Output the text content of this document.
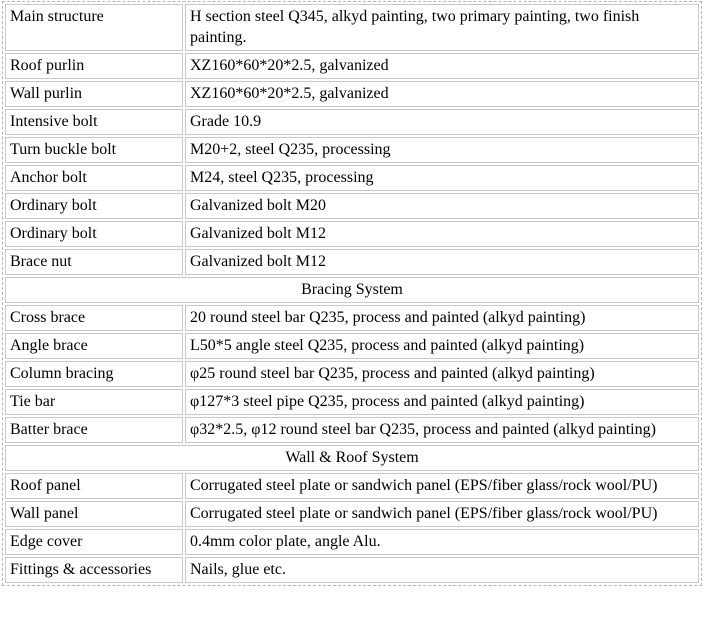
Main structure	H section steel Q345, alkyd painting, two primary painting, two finish painting.
Roof purlin	XZ160*60*20*2.5, galvanized
Wall purlin	XZ160*60*20*2.5, galvanized
Intensive bolt	Grade 10.9
Turn buckle bolt	M20+2, steel Q235, processing
Anchor bolt	M24, steel Q235, processing
Ordinary bolt	Galvanized bolt M20
Ordinary bolt	Galvanized bolt M12
Brace nut	Galvanized bolt M12
Bracing System	
Cross brace	20 round steel bar Q235, process and painted (alkyd painting)
Angle brace	L50*5 angle steel Q235, process and painted (alkyd painting)
Column bracing	φ25 round steel bar Q235, process and painted (alkyd painting)
Tie bar	φ127*3 steel pipe Q235, process and painted (alkyd painting)
Batter brace	φ32*2.5, φ12 round steel bar Q235, process and painted (alkyd painting)
Wall & Roof System	
Roof panel	Corrugated steel plate or sandwich panel (EPS/fiber glass/rock wool/PU)
Wall panel	Corrugated steel plate or sandwich panel (EPS/fiber glass/rock wool/PU)
Edge cover	0.4mm color plate, angle Alu.
Fittings & accessories	Nails, glue etc.
